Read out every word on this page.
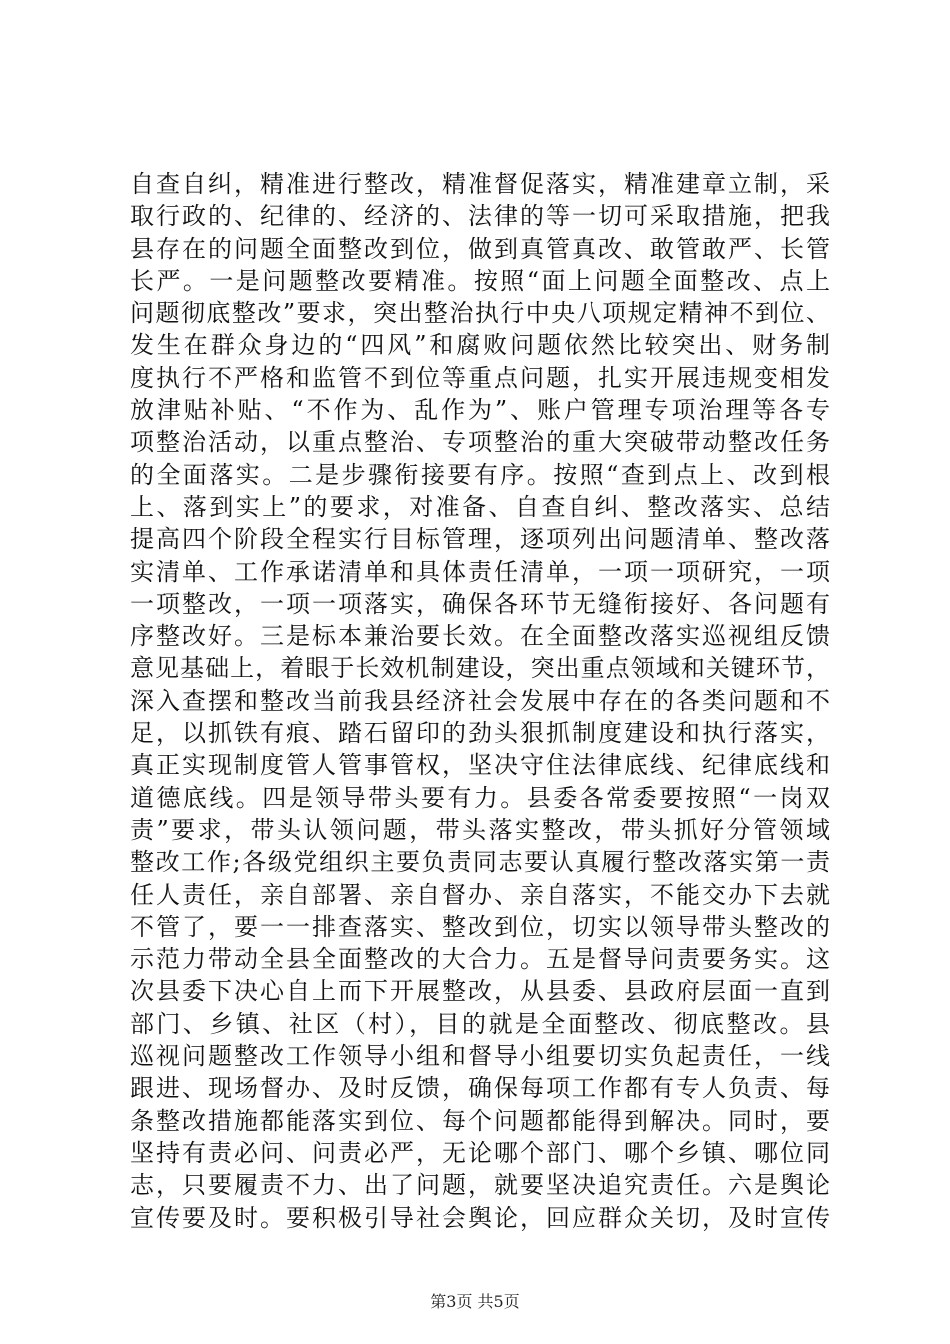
自查自纠，精准进行整改，精准督促落实，精准建章立制，采
取行政的、纪律的、经济的、法律的等一切可采取措施，把我
县存在的问题全面整改到位，做到真管真改、敢管敢严、长管
长严。一是问题整改要精准。按照“面上问题全面整改、点上
问题彻底整改”要求，突出整治执行中央八项规定精神不到位、
发生在群众身边的“四风”和腐败问题依然比较突出、财务制
度执行不严格和监管不到位等重点问题，扎实开展违规变相发
放津贴补贴、“不作为、乱作为”、账户管理专项治理等各专
项整治活动，以重点整治、专项整治的重大突破带动整改任务
的全面落实。二是步骤衔接要有序。按照“查到点上、改到根
上、落到实上”的要求，对准备、自查自纠、整改落实、总结
提高四个阶段全程实行目标管理，逐项列出问题清单、整改落
实清单、工作承诺清单和具体责任清单，一项一项研究，一项
一项整改，一项一项落实，确保各环节无缝衔接好、各问题有
序整改好。三是标本兼治要长效。在全面整改落实巡视组反馈
意见基础上，着眼于长效机制建设，突出重点领域和关键环节，
深入查摆和整改当前我县经济社会发展中存在的各类问题和不
足，以抓铁有痕、踏石留印的劲头狠抓制度建设和执行落实，
真正实现制度管人管事管权，坚决守住法律底线、纪律底线和
道德底线。四是领导带头要有力。县委各常委要按照“一岗双
责”要求，带头认领问题，带头落实整改，带头抓好分管领域
整改工作;各级党组织主要负责同志要认真履行整改落实第一责
任人责任，亲自部署、亲自督办、亲自落实，不能交办下去就
不管了，要一一排查落实、整改到位，切实以领导带头整改的
示范力带动全县全面整改的大合力。五是督导问责要务实。这
次县委下决心自上而下开展整改，从县委、县政府层面一直到
部门、乡镇、社区（村），目的就是全面整改、彻底整改。县
巡视问题整改工作领导小组和督导小组要切实负起责任，一线
跟进、现场督办、及时反馈，确保每项工作都有专人负责、每
条整改措施都能落实到位、每个问题都能得到解决。同时，要
坚持有责必问、问责必严，无论哪个部门、哪个乡镇、哪位同
志，只要履责不力、出了问题，就要坚决追究责任。六是舆论
宣传要及时。要积极引导社会舆论，回应群众关切，及时宣传
第3页 共5页
